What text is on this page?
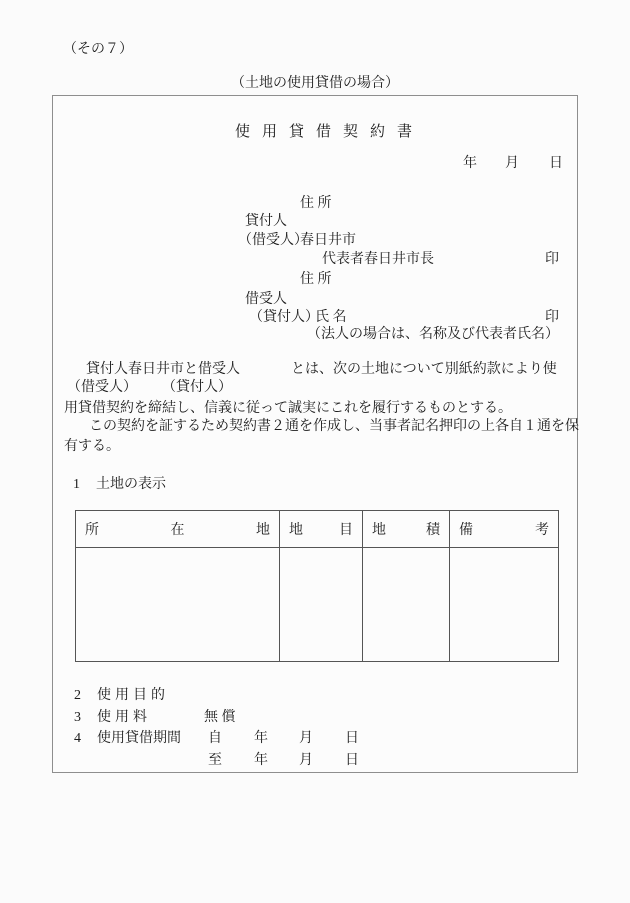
（その７）
（土地の使用貸借の場合）
使用貸借契約書
年 月 日
住 所
貸付人
（借受人）
春日井市
代表者春日井市長	印
住 所
借受人
（貸付人）
氏 名	印
（法人の場合は、名称及び代表者氏名）
貸付人春日井市と借受人	とは、次の土地について別紙約款により使
（借受人） （貸付人）
用貸借契約を締結し、信義に従って誠実にこれを履行するものとする。
この契約を証するため契約書２通を作成し、当事者記名押印の上各自１通を保
有する。
1 土地の表示
所	在	地 地	目 地	積 備	考
2 使用目的
3 使用料	無 償
4 使用貸借期間 自 年 月 日
至 年 月 日
